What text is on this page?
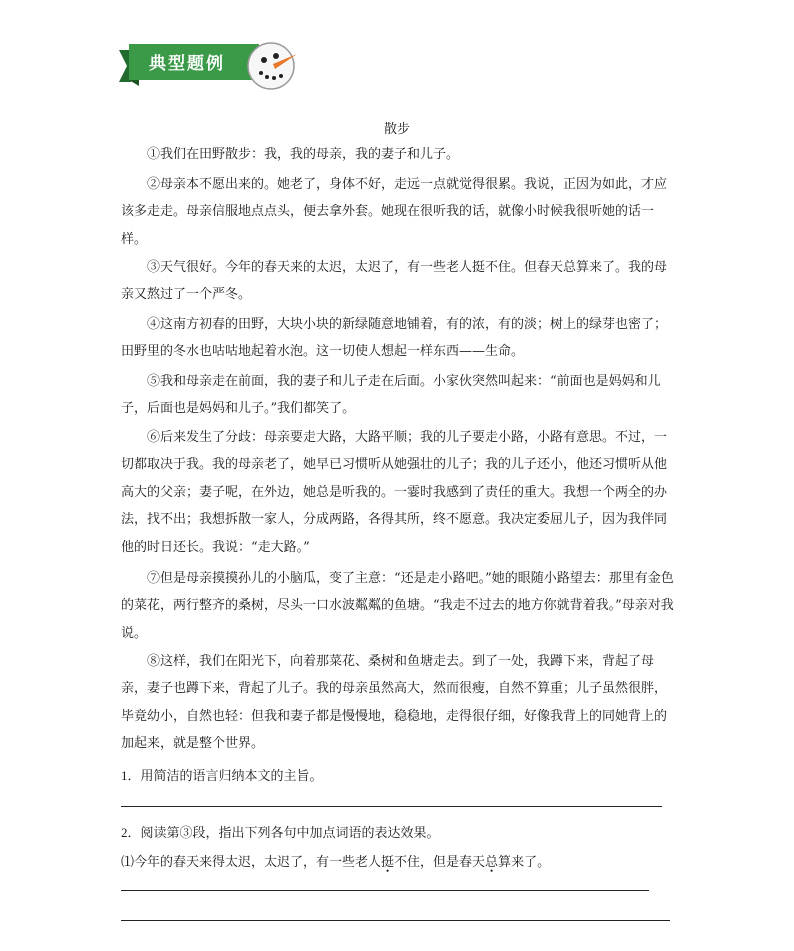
典型题例
散步
①我们在田野散步：我，我的母亲，我的妻子和儿子。
②母亲本不愿出来的。她老了，身体不好，走远一点就觉得很累。我说，正因为如此，才应该多走走。母亲信服地点点头，便去拿外套。她现在很听我的话，就像小时候我很听她的话一样。
③天气很好。今年的春天来的太迟，太迟了，有一些老人挺不住。但春天总算来了。我的母亲又熬过了一个严冬。
④这南方初春的田野，大块小块的新绿随意地铺着，有的浓，有的淡；树上的绿芽也密了；田野里的冬水也咕咕地起着水泡。这一切使人想起一样东西——生命。
⑤我和母亲走在前面，我的妻子和儿子走在后面。小家伙突然叫起来：“前面也是妈妈和儿子，后面也是妈妈和儿子。”我们都笑了。
⑥后来发生了分歧：母亲要走大路，大路平顺；我的儿子要走小路，小路有意思。不过，一切都取决于我。我的母亲老了，她早已习惯听从她强壮的儿子；我的儿子还小，他还习惯听从他高大的父亲；妻子呢，在外边，她总是听我的。一霎时我感到了责任的重大。我想一个两全的办法，找不出；我想拆散一家人，分成两路，各得其所，终不愿意。我决定委屈儿子，因为我伴同他的时日还长。我说：“走大路。”
⑦但是母亲摸摸孙儿的小脑瓜，变了主意：“还是走小路吧。”她的眼随小路望去：那里有金色的菜花，两行整齐的桑树，尽头一口水波粼粼的鱼塘。“我走不过去的地方你就背着我。”母亲对我说。
⑧这样，我们在阳光下，向着那菜花、桑树和鱼塘走去。到了一处，我蹲下来，背起了母亲，妻子也蹲下来，背起了儿子。我的母亲虽然高大，然而很瘦，自然不算重；儿子虽然很胖，毕竟幼小，自然也轻：但我和妻子都是慢慢地，稳稳地，走得很仔细，好像我背上的同她背上的加起来，就是整个世界。
1．用简洁的语言归纳本文的主旨。
2．阅读第③段，指出下列各句中加点词语的表达效果。
⑴今年的春天来得太迟，太迟了，有一些老人挺不住，但是春天总算来了。
